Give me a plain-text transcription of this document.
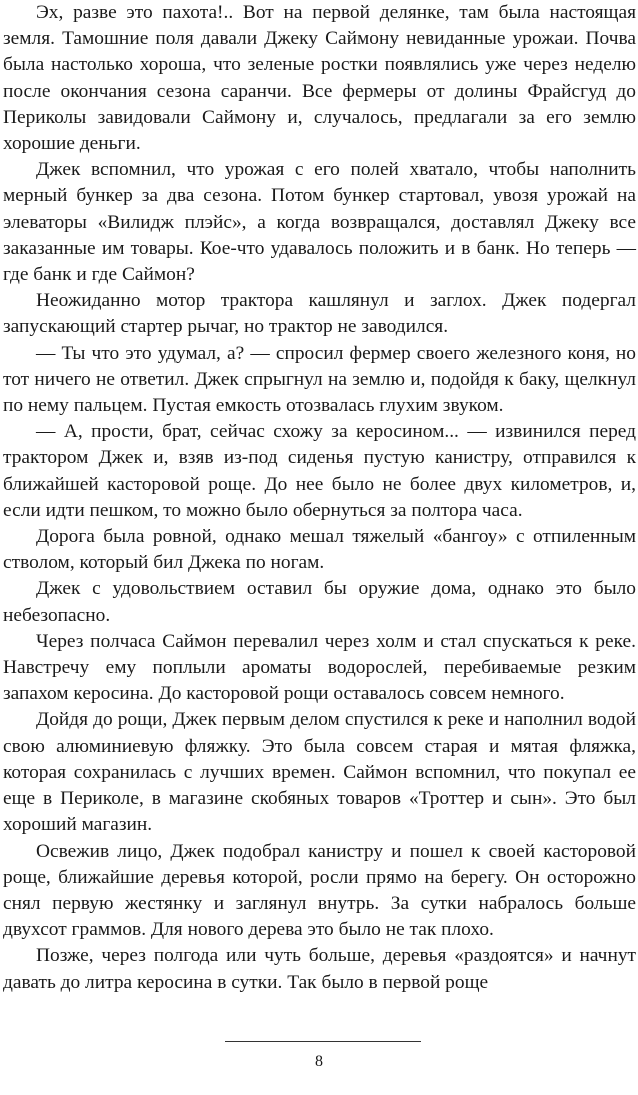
Эх, разве это пахота!.. Вот на первой делянке, там была настоящая земля. Тамошние поля давали Джеку Саймону невиданные урожаи. Почва была настолько хороша, что зеленые ростки появлялись уже через неделю после окончания сезона саранчи. Все фермеры от долины Фрайсгуд до Периколы завидовали Саймону и, случалось, предлагали за его землю хорошие деньги.

Джек вспомнил, что урожая с его полей хватало, чтобы наполнить мерный бункер за два сезона. Потом бункер стартовал, увозя урожай на элеваторы «Вилидж плэйс», а когда возвращался, доставлял Джеку все заказанные им товары. Кое-что удавалось положить и в банк. Но теперь — где банк и где Саймон?

Неожиданно мотор трактора кашлянул и заглох. Джек подергал запускающий стартер рычаг, но трактор не заводился.

— Ты что это удумал, а? — спросил фермер своего железного коня, но тот ничего не ответил. Джек спрыгнул на землю и, подойдя к баку, щелкнул по нему пальцем. Пустая емкость отозвалась глухим звуком.

— А, прости, брат, сейчас схожу за керосином... — извинился перед трактором Джек и, взяв из-под сиденья пустую канистру, отправился к ближайшей касторовой роще. До нее было не более двух километров, и, если идти пешком, то можно было обернуться за полтора часа.

Дорога была ровной, однако мешал тяжелый «бангоу» с отпиленным стволом, который бил Джека по ногам.

Джек с удовольствием оставил бы оружие дома, однако это было небезопасно.

Через полчаса Саймон перевалил через холм и стал спускаться к реке. Навстречу ему поплыли ароматы водорослей, перебиваемые резким запахом керосина. До касторовой рощи оставалось совсем немного.

Дойдя до рощи, Джек первым делом спустился к реке и наполнил водой свою алюминиевую фляжку. Это была совсем старая и мятая фляжка, которая сохранилась с лучших времен. Саймон вспомнил, что покупал ее еще в Периколе, в магазине скобяных товаров «Троттер и сын». Это был хороший магазин.

Освежив лицо, Джек подобрал канистру и пошел к своей касторовой роще, ближайшие деревья которой, росли прямо на берегу. Он осторожно снял первую жестянку и заглянул внутрь. За сутки набралось больше двухсот граммов. Для нового дерева это было не так плохо.

Позже, через полгода или чуть больше, деревья «раздоятся» и начнут давать до литра керосина в сутки. Так было в первой роще

8
